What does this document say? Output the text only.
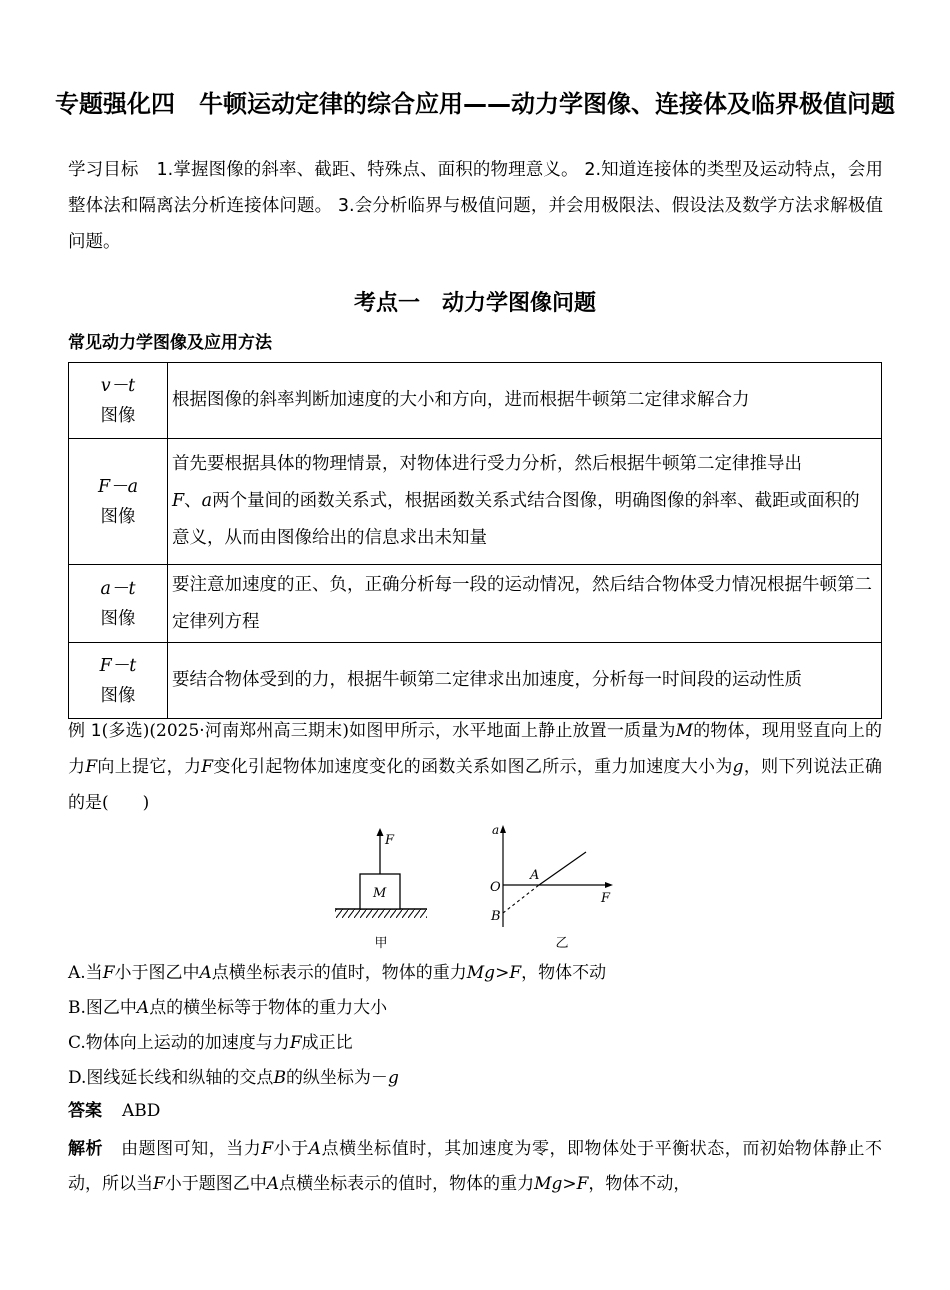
专题强化四　牛顿运动定律的综合应用——动力学图像、连接体及临界极值问题
学习目标 1.掌握图像的斜率、截距、特殊点、面积的物理意义。 2.知道连接体的类型及运动特点，会用整体法和隔离法分析连接体问题。 3.会分析临界与极值问题，并会用极限法、假设法及数学方法求解极值问题。
考点一　动力学图像问题
常见动力学图像及应用方法
v－t
图像	根据图像的斜率判断加速度的大小和方向，进而根据牛顿第二定律求解合力
F－a
图像	首先要根据具体的物理情景，对物体进行受力分析，然后根据牛顿第二定律推导出
F、a两个量间的函数关系式，根据函数关系式结合图像，明确图像的斜率、截距或面积的意义，从而由图像给出的信息求出未知量
a－t
图像	要注意加速度的正、负，正确分析每一段的运动情况，然后结合物体受力情况根据牛顿第二定律列方程
F－t
图像	要结合物体受到的力，根据牛顿第二定律求出加速度，分析每一时间段的运动性质
例 1(多选)(2025·河南郑州高三期末)如图甲所示，水平地面上静止放置一质量为M的物体，现用竖直向上的力F向上提它，力F变化引起物体加速度变化的函数关系如图乙所示，重力加速度大小为g，则下列说法正确的是(　　)
F
M
甲
a
F
O
A
B
乙
A.当F小于图乙中A点横坐标表示的值时，物体的重力Mg>F，物体不动
B.图乙中A点的横坐标等于物体的重力大小
C.物体向上运动的加速度与力F成正比
D.图线延长线和纵轴的交点B的纵坐标为－g
答案 ABD
解析 由题图可知，当力F小于A点横坐标值时，其加速度为零，即物体处于平衡状态，而初始物体静止不动，所以当F小于题图乙中A点横坐标表示的值时，物体的重力Mg>F，物体不动，
